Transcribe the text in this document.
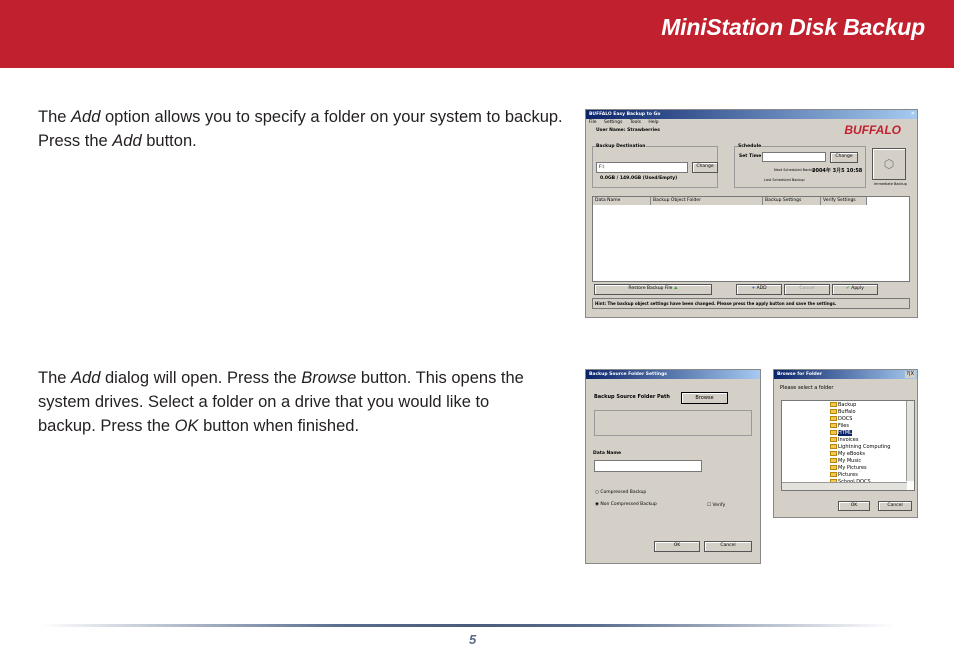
MiniStation Disk Backup
The Add option allows you to specify a folder on your system to backup. Press the Add button.
The Add dialog will open. Press the Browse button. This opens the system drives. Select a folder on a drive that you would like to backup. Press the OK button when finished.
BUFFALO Easy Backup to Go	✕
File Settings Tools Help
User Name: Strawberries	BUFFALO
Backup Destination
F:\	Change
0.0GB / 149.0GB (Used/Empty)
Schedule
Set Time	Change
Next Scheduled Backup
2004年 3月5 10:58
Last Scheduled Backup
⬡
Immediate Backup
Data Name	Backup Object Folder	Backup Settings	Verify Settings
Restore Backup File ⛰	+ ADD	Cancel	✔ Apply
Hint: The backup object settings have been changed. Please press the apply button and save the settings.
Backup Source Folder Settings
Backup Source Folder Path	Browse
Data Name
○ Compressed Backup
◉ Non Compressed Backup	☐ Verify
OK	Cancel
Browse for Folder	?|X
Please select a folder
Backup
Buffalo
DOCS
Files
HTML
Invoices
Lightning Computing
My eBooks
My Music
My Pictures
Pictures
OK	Cancel
5
